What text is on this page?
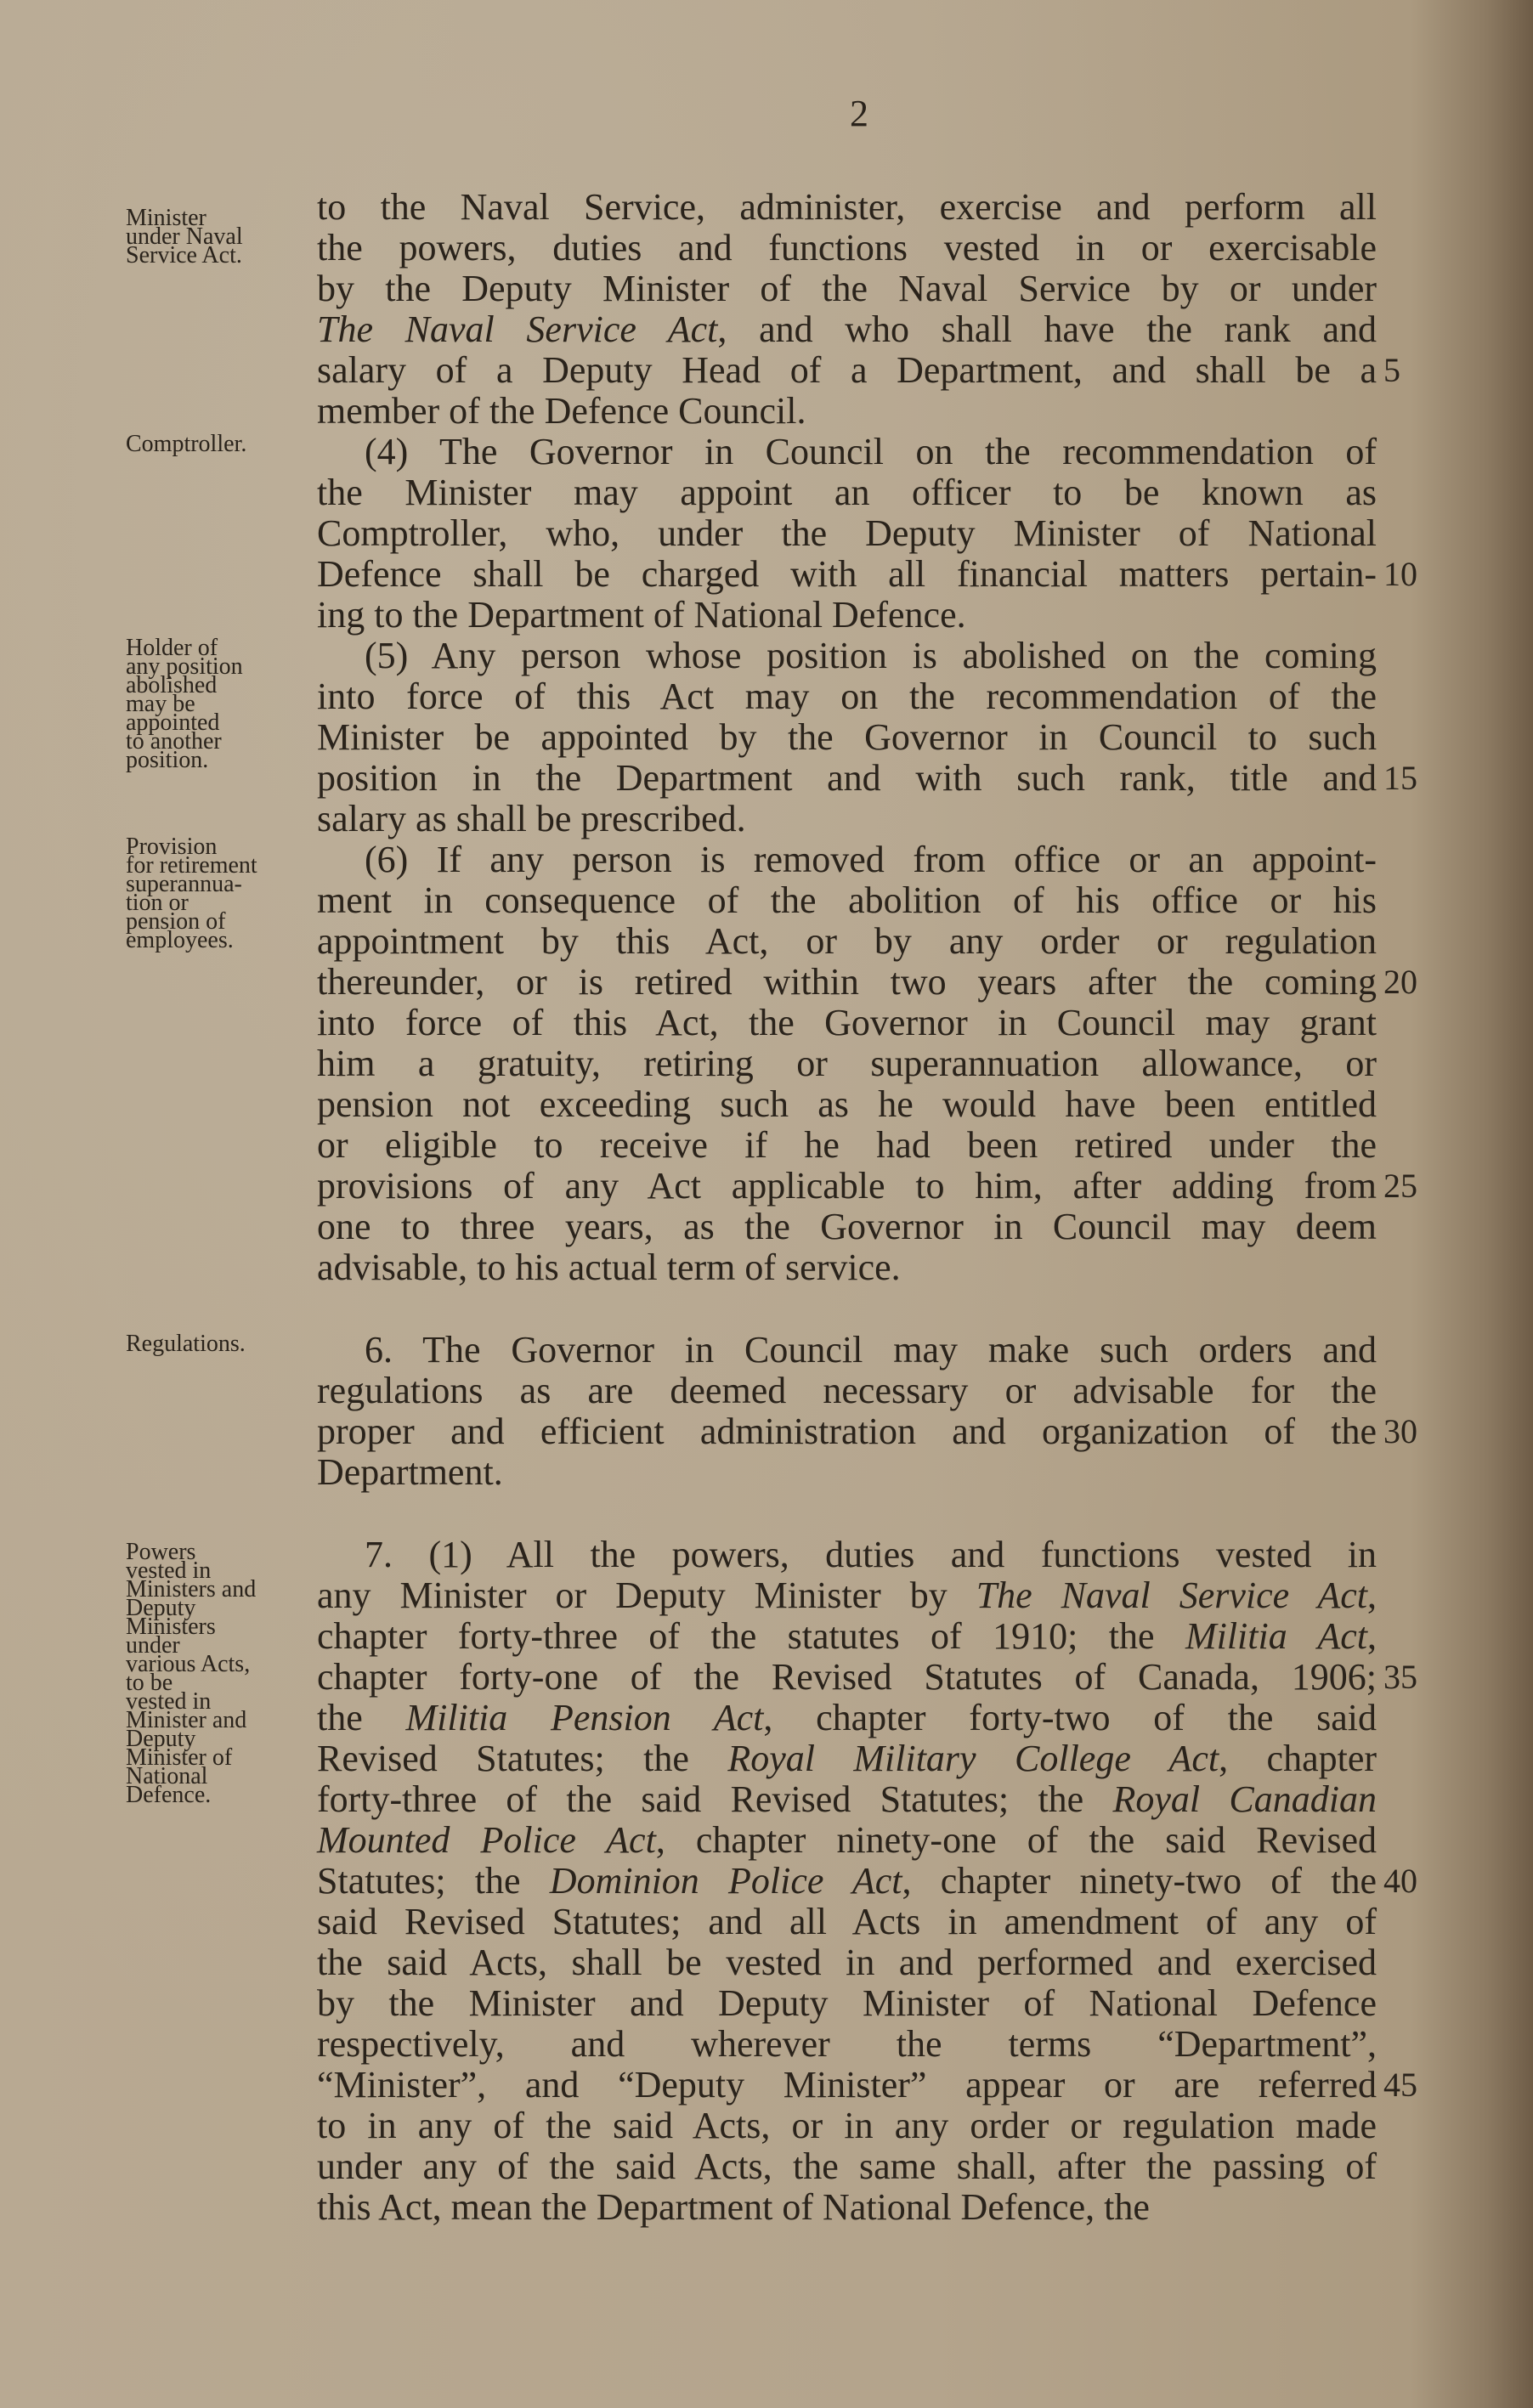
2
Minister
under Naval
Service Act.
Comptroller.
Holder of
any position
abolished
may be
appointed
to another
position.
Provision
for retirement
superannua-
tion or
pension of
employees.
Regulations.
Powers
vested in
Ministers and
Deputy
Ministers
under
various Acts,
to be
vested in
Minister and
Deputy
Minister of
National
Defence.
to the Naval Service, administer, exercise and perform all
the powers, duties and functions vested in or exercisable
by the Deputy Minister of the Naval Service by or under
The Naval Service Act, and who shall have the rank and
salary of a Deputy Head of a Department, and shall be a
member of the Defence Council.
(4) The Governor in Council on the recommendation of
the Minister may appoint an officer to be known as
Comptroller, who, under the Deputy Minister of National
Defence shall be charged with all financial matters pertain-
ing to the Department of National Defence.
(5) Any person whose position is abolished on the coming
into force of this Act may on the recommendation of the
Minister be appointed by the Governor in Council to such
position in the Department and with such rank, title and
salary as shall be prescribed.
(6) If any person is removed from office or an appoint-
ment in consequence of the abolition of his office or his
appointment by this Act, or by any order or regulation
thereunder, or is retired within two years after the coming
into force of this Act, the Governor in Council may grant
him a gratuity, retiring or superannuation allowance, or
pension not exceeding such as he would have been entitled
or eligible to receive if he had been retired under the
provisions of any Act applicable to him, after adding from
one to three years, as the Governor in Council may deem
advisable, to his actual term of service.
6. The Governor in Council may make such orders and
regulations as are deemed necessary or advisable for the
proper and efficient administration and organization of the
Department.
7. (1) All the powers, duties and functions vested in
any Minister or Deputy Minister by The Naval Service Act,
chapter forty-three of the statutes of 1910; the Militia Act,
chapter forty-one of the Revised Statutes of Canada, 1906;
the Militia Pension Act, chapter forty-two of the said
Revised Statutes; the Royal Military College Act, chapter
forty-three of the said Revised Statutes; the Royal Canadian
Mounted Police Act, chapter ninety-one of the said Revised
Statutes; the Dominion Police Act, chapter ninety-two of the
said Revised Statutes; and all Acts in amendment of any of
the said Acts, shall be vested in and performed and exercised
by the Minister and Deputy Minister of National Defence
respectively, and wherever the terms “Department”,
“Minister”, and “Deputy Minister” appear or are referred
to in any of the said Acts, or in any order or regulation made
under any of the said Acts, the same shall, after the passing of
this Act, mean the Department of National Defence, the
5
10
15
20
25
30
35
40
45
